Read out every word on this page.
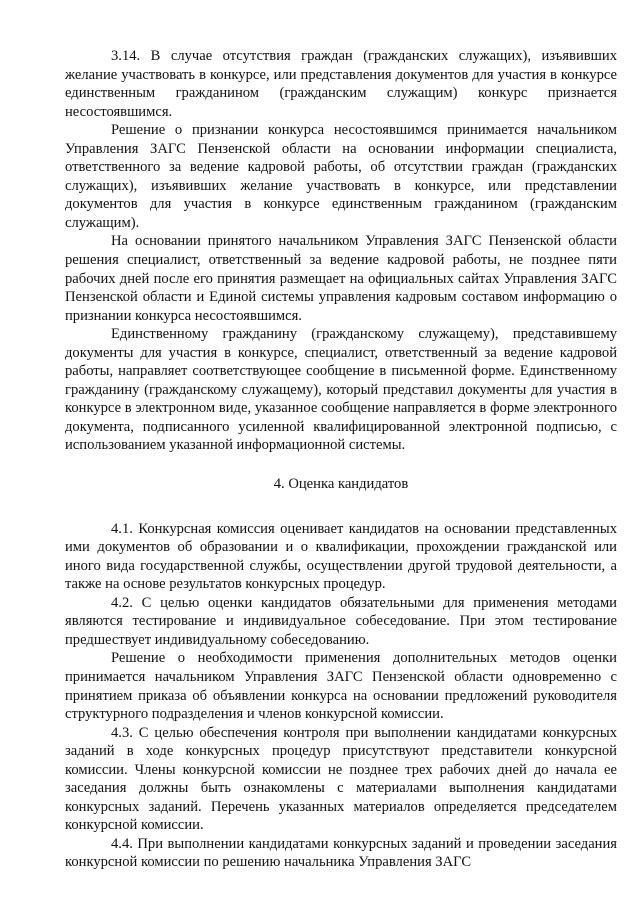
3.14. В случае отсутствия граждан (гражданских служащих), изъявивших желание участвовать в конкурсе, или представления документов для участия в конкурсе единственным гражданином (гражданским служащим) конкурс признается несостоявшимся.

Решение о признании конкурса несостоявшимся принимается начальником Управления ЗАГС Пензенской области на основании информации специалиста, ответственного за ведение кадровой работы, об отсутствии граждан (гражданских служащих), изъявивших желание участвовать в конкурсе, или представлении документов для участия в конкурсе единственным гражданином (гражданским служащим).

На основании принятого начальником Управления ЗАГС Пензенской области решения специалист, ответственный за ведение кадровой работы, не позднее пяти рабочих дней после его принятия размещает на официальных сайтах Управления ЗАГС Пензенской области и Единой системы управления кадровым составом информацию о признании конкурса несостоявшимся.

Единственному гражданину (гражданскому служащему), представившему документы для участия в конкурсе, специалист, ответственный за ведение кадровой работы, направляет соответствующее сообщение в письменной форме. Единственному гражданину (гражданскому служащему), который представил документы для участия в конкурсе в электронном виде, указанное сообщение направляется в форме электронного документа, подписанного усиленной квалифицированной электронной подписью, с использованием указанной информационной системы.

4. Оценка кандидатов

4.1. Конкурсная комиссия оценивает кандидатов на основании представленных ими документов об образовании и о квалификации, прохождении гражданской или иного вида государственной службы, осуществлении другой трудовой деятельности, а также на основе результатов конкурсных процедур.

4.2. С целью оценки кандидатов обязательными для применения методами являются тестирование и индивидуальное собеседование. При этом тестирование предшествует индивидуальному собеседованию.

Решение о необходимости применения дополнительных методов оценки принимается начальником Управления ЗАГС Пензенской области одновременно с принятием приказа об объявлении конкурса на основании предложений руководителя структурного подразделения и членов конкурсной комиссии.

4.3. С целью обеспечения контроля при выполнении кандидатами конкурсных заданий в ходе конкурсных процедур присутствуют представители конкурсной комиссии. Члены конкурсной комиссии не позднее трех рабочих дней до начала ее заседания должны быть ознакомлены с материалами выполнения кандидатами конкурсных заданий. Перечень указанных материалов определяется председателем конкурсной комиссии.

4.4. При выполнении кандидатами конкурсных заданий и проведении заседания конкурсной комиссии по решению начальника Управления ЗАГС
